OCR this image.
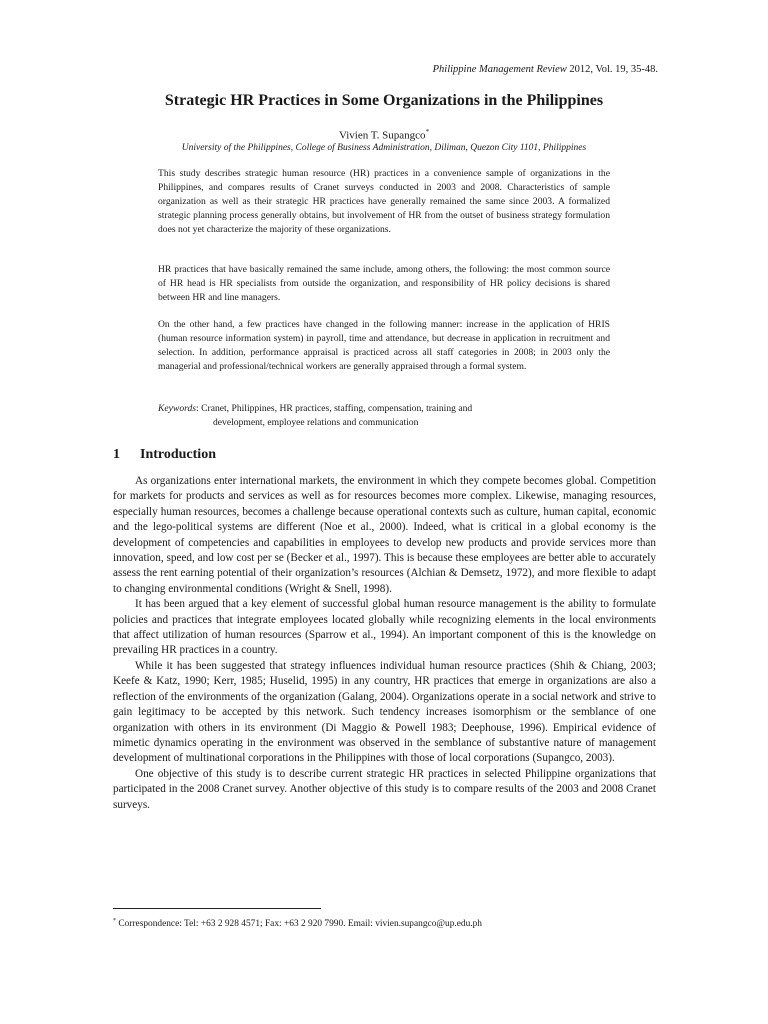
Philippine Management Review 2012, Vol. 19, 35-48.
Strategic HR Practices in Some Organizations in the Philippines
Vivien T. Supangco*
University of the Philippines, College of Business Administration, Diliman, Quezon City 1101, Philippines

This study describes strategic human resource (HR) practices in a convenience sample of organizations in the Philippines, and compares results of Cranet surveys conducted in 2003 and 2008. Characteristics of sample organization as well as their strategic HR practices have generally remained the same since 2003. A formalized strategic planning process generally obtains, but involvement of HR from the outset of business strategy formulation does not yet characterize the majority of these organizations.

HR practices that have basically remained the same include, among others, the following: the most common source of HR head is HR specialists from outside the organization, and responsibility of HR policy decisions is shared between HR and line managers.

On the other hand, a few practices have changed in the following manner: increase in the application of HRIS (human resource information system) in payroll, time and attendance, but decrease in application in recruitment and selection. In addition, performance appraisal is practiced across all staff categories in 2008; in 2003 only the managerial and professional/technical workers are generally appraised through a formal system.

Keywords: Cranet, Philippines, HR practices, staffing, compensation, training and
development, employee relations and communication
1 Introduction

As organizations enter international markets, the environment in which they compete becomes global. Competition for markets for products and services as well as for resources becomes more complex. Likewise, managing resources, especially human resources, becomes a challenge because operational contexts such as culture, human capital, economic and the lego-political systems are different (Noe et al., 2000). Indeed, what is critical in a global economy is the development of competencies and capabilities in employees to develop new products and provide services more than innovation, speed, and low cost per se (Becker et al., 1997). This is because these employees are better able to accurately assess the rent earning potential of their organization’s resources (Alchian & Demsetz, 1972), and more flexible to adapt to changing environmental conditions (Wright & Snell, 1998).

It has been argued that a key element of successful global human resource management is the ability to formulate policies and practices that integrate employees located globally while recognizing elements in the local environments that affect utilization of human resources (Sparrow et al., 1994). An important component of this is the knowledge on prevailing HR practices in a country.

While it has been suggested that strategy influences individual human resource practices (Shih & Chiang, 2003; Keefe & Katz, 1990; Kerr, 1985; Huselid, 1995) in any country, HR practices that emerge in organizations are also a reflection of the environments of the organization (Galang, 2004). Organizations operate in a social network and strive to gain legitimacy to be accepted by this network. Such tendency increases isomorphism or the semblance of one organization with others in its environment (Di Maggio & Powell 1983; Deephouse, 1996). Empirical evidence of mimetic dynamics operating in the environment was observed in the semblance of substantive nature of management development of multinational corporations in the Philippines with those of local corporations (Supangco, 2003).

One objective of this study is to describe current strategic HR practices in selected Philippine organizations that participated in the 2008 Cranet survey. Another objective of this study is to compare results of the 2003 and 2008 Cranet surveys.

* Correspondence: Tel: +63 2 928 4571; Fax: +63 2 920 7990. Email: vivien.supangco@up.edu.ph
